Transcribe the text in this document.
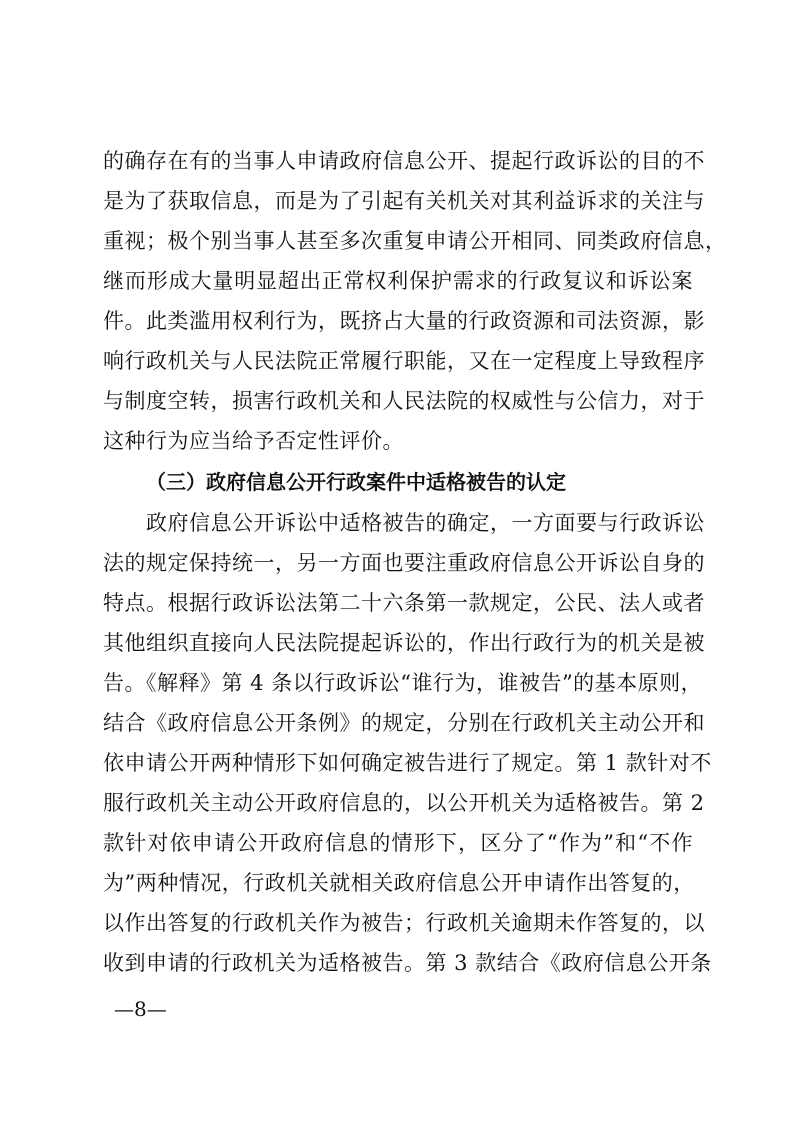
的确存在有的当事人申请政府信息公开、提起行政诉讼的目的不
是为了获取信息，而是为了引起有关机关对其利益诉求的关注与
重视；极个别当事人甚至多次重复申请公开相同、同类政府信息，
继而形成大量明显超出正常权利保护需求的行政复议和诉讼案
件。此类滥用权利行为，既挤占大量的行政资源和司法资源，影
响行政机关与人民法院正常履行职能，又在一定程度上导致程序
与制度空转，损害行政机关和人民法院的权威性与公信力，对于
这种行为应当给予否定性评价。
（三）政府信息公开行政案件中适格被告的认定
政府信息公开诉讼中适格被告的确定，一方面要与行政诉讼
法的规定保持统一，另一方面也要注重政府信息公开诉讼自身的
特点。根据行政诉讼法第二十六条第一款规定，公民、法人或者
其他组织直接向人民法院提起诉讼的，作出行政行为的机关是被
告。《解释》第 4 条以行政诉讼“谁行为，谁被告”的基本原则，
结合《政府信息公开条例》的规定，分别在行政机关主动公开和
依申请公开两种情形下如何确定被告进行了规定。第 1 款针对不
服行政机关主动公开政府信息的，以公开机关为适格被告。第 2
款针对依申请公开政府信息的情形下，区分了“作为”和“不作
为”两种情况，行政机关就相关政府信息公开申请作出答复的，
以作出答复的行政机关作为被告；行政机关逾期未作答复的，以
收到申请的行政机关为适格被告。第 3 款结合《政府信息公开条
—8—
